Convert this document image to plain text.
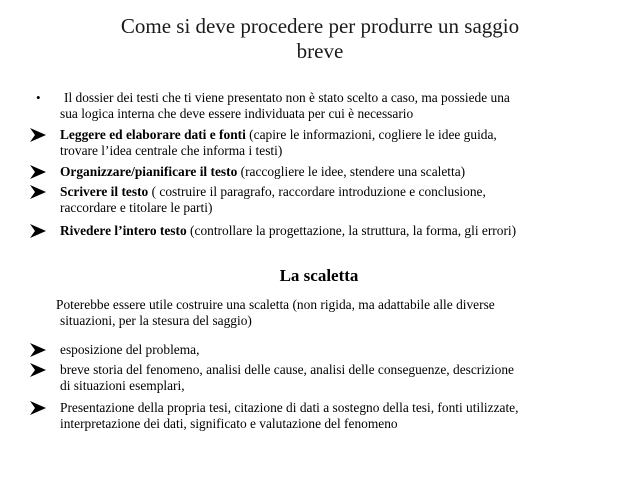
Come si deve procedere per produrre un saggio
breve
•	Il dossier dei testi che ti viene presentato non è stato scelto a caso, ma possiede una
sua logica interna che deve essere individuata per cui è necessario
Leggere ed elaborare dati e fonti (capire le informazioni, cogliere le idee guida,
trovare l’idea centrale che informa i testi)
Organizzare/pianificare il testo (raccogliere le idee, stendere una scaletta)
Scrivere il testo ( costruire il paragrafo, raccordare introduzione e conclusione,
raccordare e titolare le parti)
Rivedere l’intero testo (controllare la progettazione, la struttura, la forma, gli errori)
La scaletta
Poterebbe essere utile costruire una scaletta (non rigida, ma adattabile alle diverse
situazioni, per la stesura del saggio)
esposizione del problema,
breve storia del fenomeno, analisi delle cause, analisi delle conseguenze, descrizione
di situazioni esemplari,
Presentazione della propria tesi, citazione di dati a sostegno della tesi, fonti utilizzate,
interpretazione dei dati, significato e valutazione del fenomeno
